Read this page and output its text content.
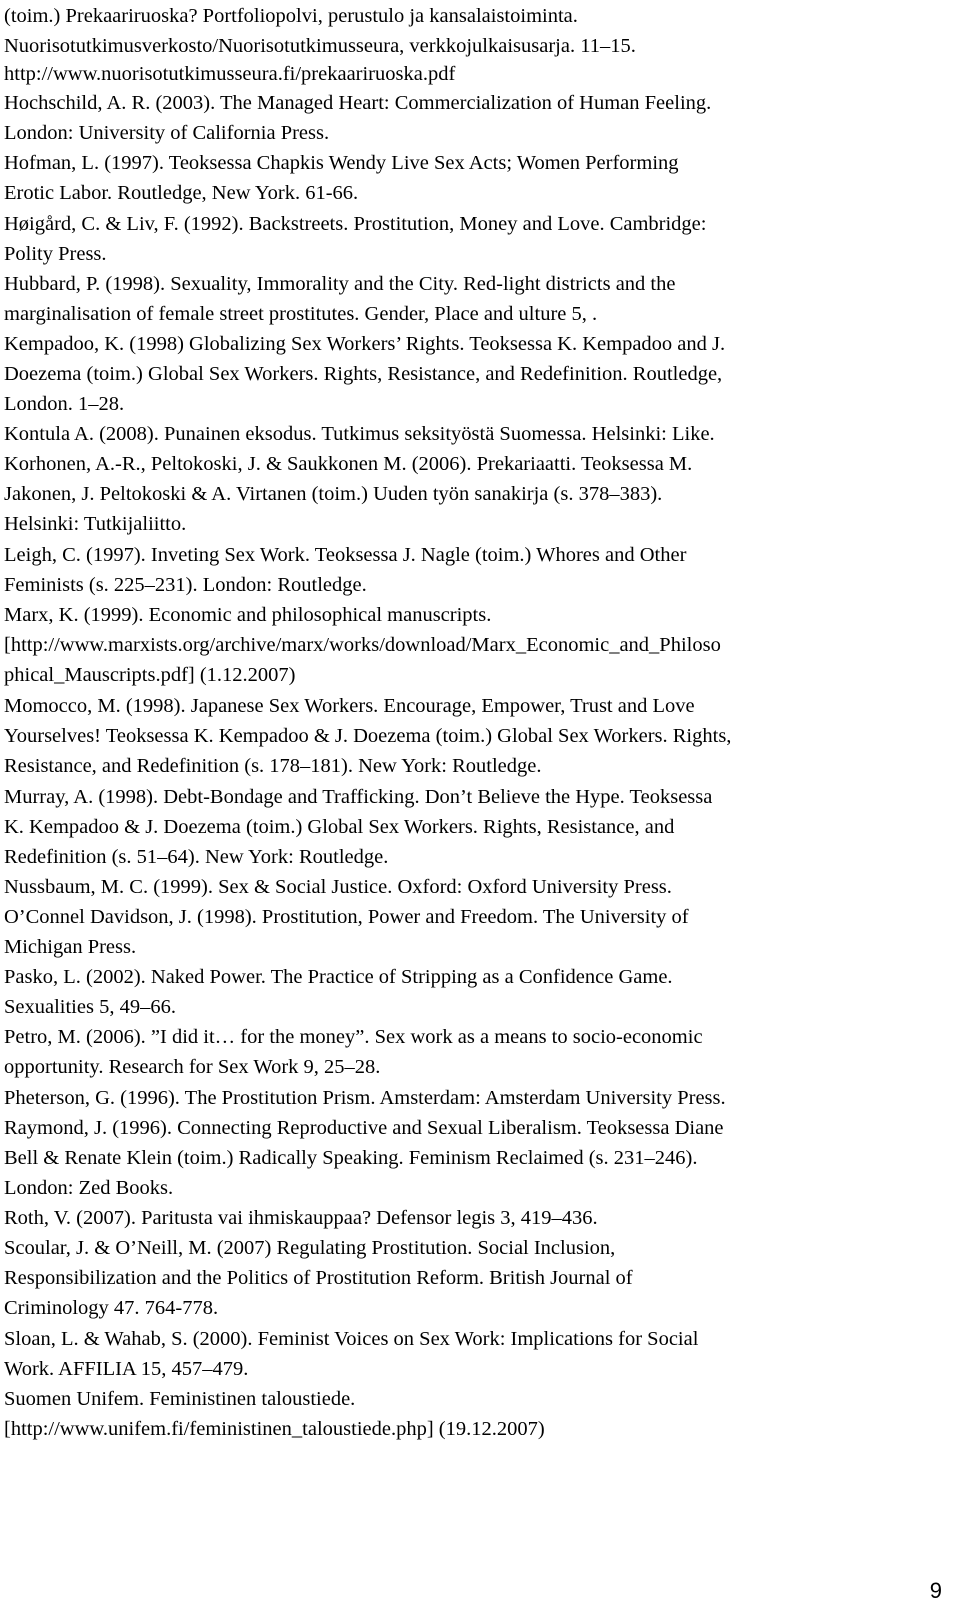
(toim.) Prekaariruoska? Portfoliopolvi, perustulo ja kansalaistoiminta.
Nuorisotutkimusverkosto/Nuorisotutkimusseura, verkkojulkaisusarja. 11–15.
http://www.nuorisotutkimusseura.fi/prekaariruoska.pdf
Hochschild, A. R. (2003). The Managed Heart: Commercialization of Human Feeling.
London: University of California Press.
Hofman, L. (1997). Teoksessa Chapkis Wendy Live Sex Acts; Women Performing
Erotic Labor. Routledge, New York. 61-66.
Høigård, C. & Liv, F. (1992). Backstreets. Prostitution, Money and Love. Cambridge:
Polity Press.
Hubbard, P. (1998). Sexuality, Immorality and the City. Red-light districts and the
marginalisation of female street prostitutes. Gender, Place and ulture 5, .
Kempadoo, K. (1998) Globalizing Sex Workers’ Rights. Teoksessa K. Kempadoo and J.
Doezema (toim.) Global Sex Workers. Rights, Resistance, and Redefinition. Routledge,
London. 1–28.
Kontula A. (2008). Punainen eksodus. Tutkimus seksityöstä Suomessa. Helsinki: Like.
Korhonen, A.-R., Peltokoski, J. & Saukkonen M. (2006). Prekariaatti. Teoksessa M.
Jakonen, J. Peltokoski & A. Virtanen (toim.) Uuden työn sanakirja (s. 378–383).
Helsinki: Tutkijaliitto.
Leigh, C. (1997). Inveting Sex Work. Teoksessa J. Nagle (toim.) Whores and Other
Feminists (s. 225–231). London: Routledge.
Marx, K. (1999). Economic and philosophical manuscripts.
[http://www.marxists.org/archive/marx/works/download/Marx_Economic_and_Philoso
phical_Mauscripts.pdf] (1.12.2007)
Momocco, M. (1998). Japanese Sex Workers. Encourage, Empower, Trust and Love
Yourselves! Teoksessa K. Kempadoo & J. Doezema (toim.) Global Sex Workers. Rights,
Resistance, and Redefinition (s. 178–181). New York: Routledge.
Murray, A. (1998). Debt-Bondage and Trafficking. Don’t Believe the Hype. Teoksessa
K. Kempadoo & J. Doezema (toim.) Global Sex Workers. Rights, Resistance, and
Redefinition (s. 51–64). New York: Routledge.
Nussbaum, M. C. (1999). Sex & Social Justice. Oxford: Oxford University Press.
O’Connel Davidson, J. (1998). Prostitution, Power and Freedom. The University of
Michigan Press.
Pasko, L. (2002). Naked Power. The Practice of Stripping as a Confidence Game.
Sexualities 5, 49–66.
Petro, M. (2006). ”I did it… for the money”. Sex work as a means to socio-economic
opportunity. Research for Sex Work 9, 25–28.
Pheterson, G. (1996). The Prostitution Prism. Amsterdam: Amsterdam University Press.
Raymond, J. (1996). Connecting Reproductive and Sexual Liberalism. Teoksessa Diane
Bell & Renate Klein (toim.) Radically Speaking. Feminism Reclaimed (s. 231–246).
London: Zed Books.
Roth, V. (2007). Paritusta vai ihmiskauppaa? Defensor legis 3, 419–436.
Scoular, J. & O’Neill, M. (2007) Regulating Prostitution. Social Inclusion,
Responsibilization and the Politics of Prostitution Reform. British Journal of
Criminology 47. 764-778.
Sloan, L. & Wahab, S. (2000). Feminist Voices on Sex Work: Implications for Social
Work. AFFILIA 15, 457–479.
Suomen Unifem. Feministinen taloustiede.
[http://www.unifem.fi/feministinen_taloustiede.php] (19.12.2007)
9
